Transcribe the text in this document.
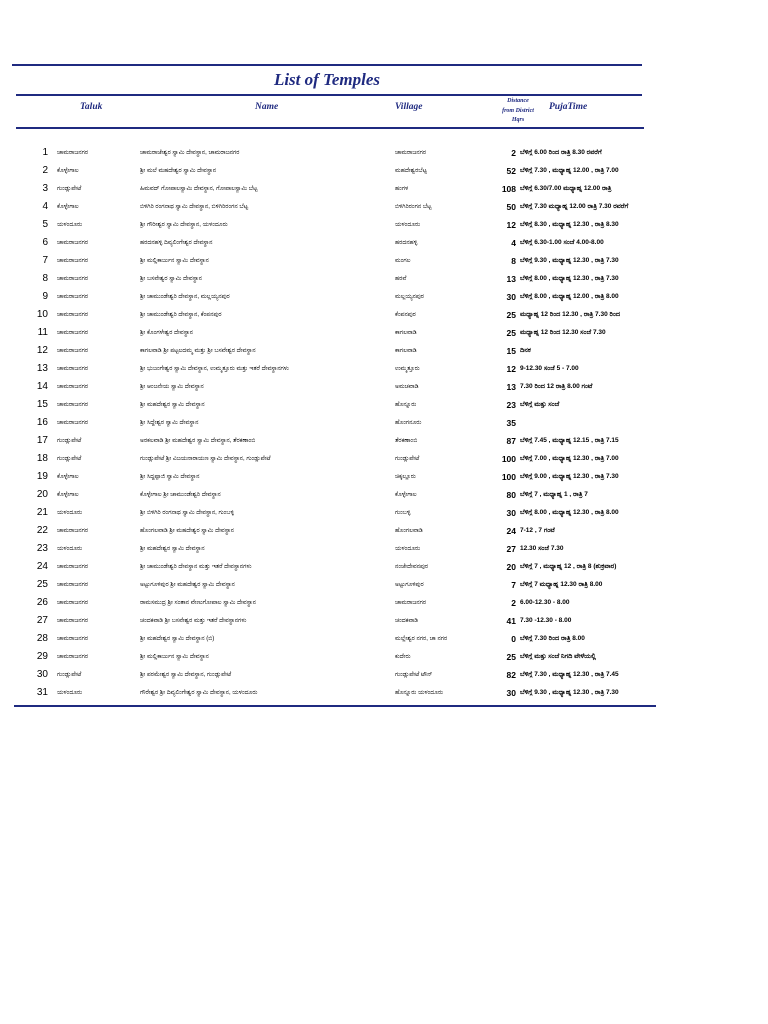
List of Temples
Taluk	Name	Village
Distance
from District
Hqrs
PujaTime
1 ಚಾಮರಾಜನಗರ	ಚಾಮರಾಜೇಶ್ವರ ಸ್ವಾಮಿ ದೇವಸ್ಥಾನ, ಚಾಮರಾಜನಗರ	ಚಾಮರಾಜನಗರ	2 ಬೆಳಿಗ್ಗೆ 6.00 ರಿಂದ ರಾತ್ರಿ 8.30 ರವರೆಗೆ
2 ಕೊಳ್ಳೇಗಾಲ	ಶ್ರೀ ಮಲೆ ಮಹದೇಶ್ವರ ಸ್ವಾಮಿ ದೇವಸ್ಥಾನ	ಮಹದೇಶ್ವರಬೆಟ್ಟ	52 ಬೆಳಿಗ್ಗೆ 7.30 , ಮಧ್ಯಾಹ್ನ 12.00 , ರಾತ್ರಿ 7.00
3 ಗುಂಡ್ಲುಪೇಟೆ	ಹಿಮವದ್ ಗೋಪಾಲಸ್ವಾಮಿ ದೇವಸ್ಥಾನ, ಗೋಪಾಲಸ್ವಾಮಿ ಬೆಟ್ಟ	ಹಂಗಳ	108 ಬೆಳಿಗ್ಗೆ 6.30/7.00 ಮಧ್ಯಾಹ್ನ 12.00 ರಾತ್ರಿ
4 ಕೊಳ್ಳೇಗಾಲ	ಬಿಳಿಗಿರಿ ರಂಗನಾಥ ಸ್ವಾಮಿ ದೇವಸ್ಥಾನ, ಬಿಳಿಗಿರಿರಂಗನ ಬೆಟ್ಟ	ಬಿಳಿಗಿರಿರಂಗನ ಬೆಟ್ಟ	50 ಬೆಳಿಗ್ಗೆ 7.30 ಮಧ್ಯಾಹ್ನ 12.00 ರಾತ್ರಿ 7.30 ರವರೆಗೆ
5 ಯಳಂದೂರು	ಶ್ರೀ ಗೌರೀಶ್ವರ ಸ್ವಾಮಿ ದೇವಸ್ಥಾನ, ಯಳಂದೂರು	ಯಳಂದೂರು	12 ಬೆಳಿಗ್ಗೆ 8.30 , ಮಧ್ಯಾಹ್ನ 12.30 , ರಾತ್ರಿ 8.30
6 ಚಾಮರಾಜನಗರ	ಹರದನಹಳ್ಳಿ ದಿವ್ಯಲಿಂಗೇಶ್ವರ ದೇವಸ್ಥಾನ	ಹರದನಹಳ್ಳಿ	4 ಬೆಳಿಗ್ಗೆ 6.30-1.00 ಸಂಜೆ 4.00-8.00
7 ಚಾಮರಾಜನಗರ	ಶ್ರೀ ಮಲ್ಲಿಕಾರ್ಜುನ ಸ್ವಾಮಿ ದೇವಸ್ಥಾನ	ಮಂಗಲ	8 ಬೆಳಿಗ್ಗೆ 9.30 , ಮಧ್ಯಾಹ್ನ 12.30 , ರಾತ್ರಿ 7.30
8 ಚಾಮರಾಜನಗರ	ಶ್ರೀ ಬಸವೇಶ್ವರ ಸ್ವಾಮಿ ದೇವಸ್ಥಾನ	ಹರವೆ	13 ಬೆಳಿಗ್ಗೆ 8.00 , ಮಧ್ಯಾಹ್ನ 12.30 , ರಾತ್ರಿ 7.30
9 ಚಾಮರಾಜನಗರ	ಶ್ರೀ ಚಾಮುಂಡೇಶ್ವರಿ ದೇವಸ್ಥಾನ, ಮಲ್ಲಯ್ಯನಪುರ	ಮಲ್ಲಯ್ಯನಪುರ	30 ಬೆಳಿಗ್ಗೆ 8.00 , ಮಧ್ಯಾಹ್ನ 12.00 , ರಾತ್ರಿ 8.00
10 ಚಾಮರಾಜನಗರ	ಶ್ರೀ ಚಾಮುಂಡೇಶ್ವರಿ ದೇವಸ್ಥಾನ, ಕೆಂಪನಪುರ	ಕೆಂಪನಪುರ	25 ಮಧ್ಯಾಹ್ನ 12 ರಿಂದ 12.30 , ರಾತ್ರಿ 7.30 ರಿಂದ
11 ಚಾಮರಾಜನಗರ	ಶ್ರೀ ಕೊಂಗಳೇಶ್ವರ ದೇವಸ್ಥಾನ	ಕಾಗಲವಾಡಿ	25 ಮಧ್ಯಾಹ್ನ 12 ರಿಂದ 12.30 ಸಂಜೆ 7.30
12 ಚಾಮರಾಜನಗರ	ಕಾಗಲವಾಡಿ ಶ್ರೀ ಪಟ್ಟಲದಮ್ಮ ಮತ್ತು ಶ್ರೀ ಬಸವೇಶ್ವರ ದೇವಸ್ಥಾನ	ಕಾಗಲವಾಡಿ	15 ದಿನಕ
13 ಚಾಮರಾಜನಗರ	ಶ್ರೀ ಭುಜಂಗೇಶ್ವರ ಸ್ವಾಮಿ ದೇವಸ್ಥಾನ, ಉಮ್ಮತ್ತೂರು ಮತ್ತು ಇತರೆ ದೇವಸ್ಥಾನಗಳು	ಉಮ್ಮತ್ತೂರು	12 9-12.30 ಸಂಜೆ 5 - 7.00
14 ಚಾಮರಾಜನಗರ	ಶ್ರೀ ಆಂಜನೇಯ ಸ್ವಾಮಿ ದೇವಸ್ಥಾನ	ಅಮಚವಾಡಿ	13 7.30 ರಿಂದ 12 ರಾತ್ರಿ 8.00 ಗಂಟೆ
15 ಚಾಮರಾಜನಗರ	ಶ್ರೀ ಮಹದೇಶ್ವರ ಸ್ವಾಮಿ ದೇವಸ್ಥಾನ	ಹೊನ್ನೂರು	23 ಬೆಳಿಗ್ಗೆ ಮತ್ತು ಸಂಜೆ
16 ಚಾಮರಾಜನಗರ	ಶ್ರೀ ಸಿದ್ದೇಶ್ವರ ಸ್ವಾಮಿ ದೇವಸ್ಥಾನ	ಹೊಂಗನೂರು	35
17 ಗುಂಡ್ಲುಪೇಟೆ	ಅರಕಲವಾಡಿ ಶ್ರೀ ಮಹದೇಶ್ವರ ಸ್ವಾಮಿ ದೇವಸ್ಥಾನ, ತೆರಕಣಾಂಬಿ	ತೆರಕಣಾಂಬಿ	87 ಬೆಳಿಗ್ಗೆ 7.45 , ಮಧ್ಯಾಹ್ನ 12.15 , ರಾತ್ರಿ 7.15
18 ಗುಂಡ್ಲುಪೇಟೆ	ಗುಂಡ್ಲುಪೇಟೆ ಶ್ರೀ ವಿಜಯನಾರಾಯಣ ಸ್ವಾಮಿ ದೇವಸ್ಥಾನ, ಗುಂಡ್ಲುಪೇಟೆ	ಗುಂಡ್ಲುಪೇಟೆ	100 ಬೆಳಿಗ್ಗೆ 7.00 , ಮಧ್ಯಾಹ್ನ 12.30 , ರಾತ್ರಿ 7.00
19 ಕೊಳ್ಳೇಗಾಲ	ಶ್ರೀ ಸಿದ್ದಪ್ಪಾಜಿ ಸ್ವಾಮಿ ದೇವಸ್ಥಾನ	ಚಿಕ್ಕಲ್ಲೂರು	100 ಬೆಳಿಗ್ಗೆ 9.00 , ಮಧ್ಯಾಹ್ನ 12.30 , ರಾತ್ರಿ 7.30
20 ಕೊಳ್ಳೇಗಾಲ	ಕೊಳ್ಳೇಗಾಲ ಶ್ರೀ ಚಾಮುಂಡೇಶ್ವರಿ ದೇವಸ್ಥಾನ	ಕೊಳ್ಳೇಗಾಲ	80 ಬೆಳಿಗ್ಗೆ 7 , ಮಧ್ಯಾಹ್ನ 1 , ರಾತ್ರಿ 7
21 ಯಳಂದೂರು	ಶ್ರೀ ಬಿಳಿಗಿರಿ ರಂಗನಾಥ ಸ್ವಾಮಿ ದೇವಸ್ಥಾನ, ಗುಂಬಳ್ಳಿ	ಗುಂಬಳ್ಳಿ	30 ಬೆಳಿಗ್ಗೆ 8.00 , ಮಧ್ಯಾಹ್ನ 12.30 , ರಾತ್ರಿ 8.00
22 ಚಾಮರಾಜನಗರ	ಹೊಂಗಲವಾಡಿ ಶ್ರೀ ಮಹದೇಶ್ವರ ಸ್ವಾಮಿ ದೇವಸ್ಥಾನ	ಹೊಂಗಲವಾಡಿ	24 7-12 , 7 ಗಂಟೆ
23 ಯಳಂದೂರು	ಶ್ರೀ ಮಹದೇಶ್ವರ ಸ್ವಾಮಿ ದೇವಸ್ಥಾನ	ಯಳಂದೂರು	27 12.30 ಸಂಜೆ 7.30
24 ಚಾಮರಾಜನಗರ	ಶ್ರೀ ಚಾಮುಂಡೇಶ್ವರಿ ದೇವಸ್ಥಾನ ಮತ್ತು ಇತರೆ ದೇವಸ್ಥಾನಗಳು	ನಂಜೇದೇವನಪುರ	20 ಬೆಳಿಗ್ಗೆ 7 , ಮಧ್ಯಾಹ್ನ 12 , ರಾತ್ರಿ 8 (ಶುಕ್ರವಾರ)
25 ಚಾಮರಾಜನಗರ	ಅಟ್ಟುಗೂಳಿಪುರ ಶ್ರೀ ಮಹದೇಶ್ವರ ಸ್ವಾಮಿ ದೇವಸ್ಥಾನ	ಅಟ್ಟುಗೂಳಿಪುರ	7 ಬೆಳಿಗ್ಗೆ 7 ಮಧ್ಯಾಹ್ನ 12.30 ರಾತ್ರಿ 8.00
26 ಚಾಮರಾಜನಗರ	ರಾಮಸಮುದ್ರ ಶ್ರೀ ಸಂತಾನ ವೇಣುಗೋಪಾಲ ಸ್ವಾಮಿ ದೇವಸ್ಥಾನ	ಚಾಮರಾಜನಗರ	2 6.00-12.30 - 8.00
27 ಚಾಮರಾಜನಗರ	ಚಂದಕವಾಡಿ ಶ್ರೀ ಬಸವೇಶ್ವರ ಮತ್ತು ಇತರೆ ದೇವಸ್ಥಾನಗಳು	ಚಂದಕವಾಡಿ	41 7.30 -12.30 - 8.00
28 ಚಾಮರಾಜನಗರ	ಶ್ರೀ ಮಹದೇಶ್ವರ ಸ್ವಾಮಿ ದೇವಸ್ಥಾನ (ಬಿ)	ಮಲ್ಲೇಶ್ವರ ನಗರ, ಚಾ ನಗರ	0 ಬೆಳಿಗ್ಗೆ 7.30 ರಿಂದ ರಾತ್ರಿ 8.00
29 ಚಾಮರಾಜನಗರ	ಶ್ರೀ ಮಲ್ಲಿಕಾರ್ಜುನ ಸ್ವಾಮಿ ದೇವಸ್ಥಾನ	ಕುದೇರು	25 ಬೆಳಿಗ್ಗೆ ಮತ್ತು ಸಂಜೆ ನಿಗದಿ ವೇಳೆಯಲ್ಲಿ
30 ಗುಂಡ್ಲುಪೇಟೆ	ಶ್ರೀ ಪರಮೇಶ್ವರ ಸ್ವಾಮಿ ದೇವಸ್ಥಾನ, ಗುಂಡ್ಲುಪೇಟೆ	ಗುಂಡ್ಲುಪೇಟೆ ಟೌನ್	82 ಬೆಳಿಗ್ಗೆ 7.30 , ಮಧ್ಯಾಹ್ನ 12.30 , ರಾತ್ರಿ 7.45
31 ಯಳಂದೂರು	ಗೌರೇಶ್ವರ ಶ್ರೀ ದಿವ್ಯಲಿಂಗೇಶ್ವರ ಸ್ವಾಮಿ ದೇವಸ್ಥಾನ, ಯಳಂದೂರು	ಹೊನ್ನೂರು ಯಳಂದೂರು	30 ಬೆಳಿಗ್ಗೆ 9.30 , ಮಧ್ಯಾಹ್ನ 12.30 , ರಾತ್ರಿ 7.30
